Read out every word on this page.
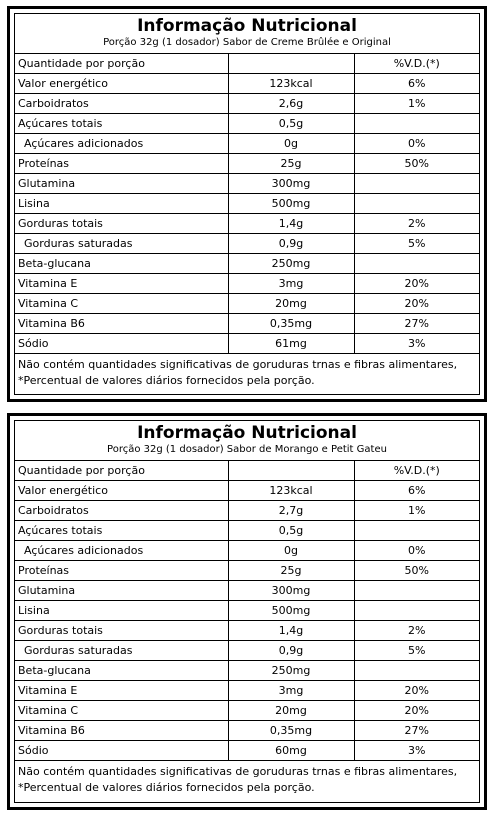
Informação Nutricional
Porção 32g (1 dosador) Sabor de Creme Brûlée e Original
Quantidade por porção		%V.D.(*)
Valor energético	123kcal	6%
Carboidratos	2,6g	1%
Açúcares totais	0,5g	
Açúcares adicionados	0g	0%
Proteínas	25g	50%
Glutamina	300mg	
Lisina	500mg	
Gorduras totais	1,4g	2%
Gorduras saturadas	0,9g	5%
Beta-glucana	250mg	
Vitamina E	3mg	20%
Vitamina C	20mg	20%
Vitamina B6	0,35mg	27%
Sódio	61mg	3%
Não contém quantidades significativas de goruduras trnas e fibras alimentares,
*Percentual de valores diários fornecidos pela porção.
Informação Nutricional
Porção 32g (1 dosador) Sabor de Morango e Petit Gateu
Quantidade por porção		%V.D.(*)
Valor energético	123kcal	6%
Carboidratos	2,7g	1%
Açúcares totais	0,5g	
Açúcares adicionados	0g	0%
Proteínas	25g	50%
Glutamina	300mg	
Lisina	500mg	
Gorduras totais	1,4g	2%
Gorduras saturadas	0,9g	5%
Beta-glucana	250mg	
Vitamina E	3mg	20%
Vitamina C	20mg	20%
Vitamina B6	0,35mg	27%
Sódio	60mg	3%
Não contém quantidades significativas de goruduras trnas e fibras alimentares,
*Percentual de valores diários fornecidos pela porção.
